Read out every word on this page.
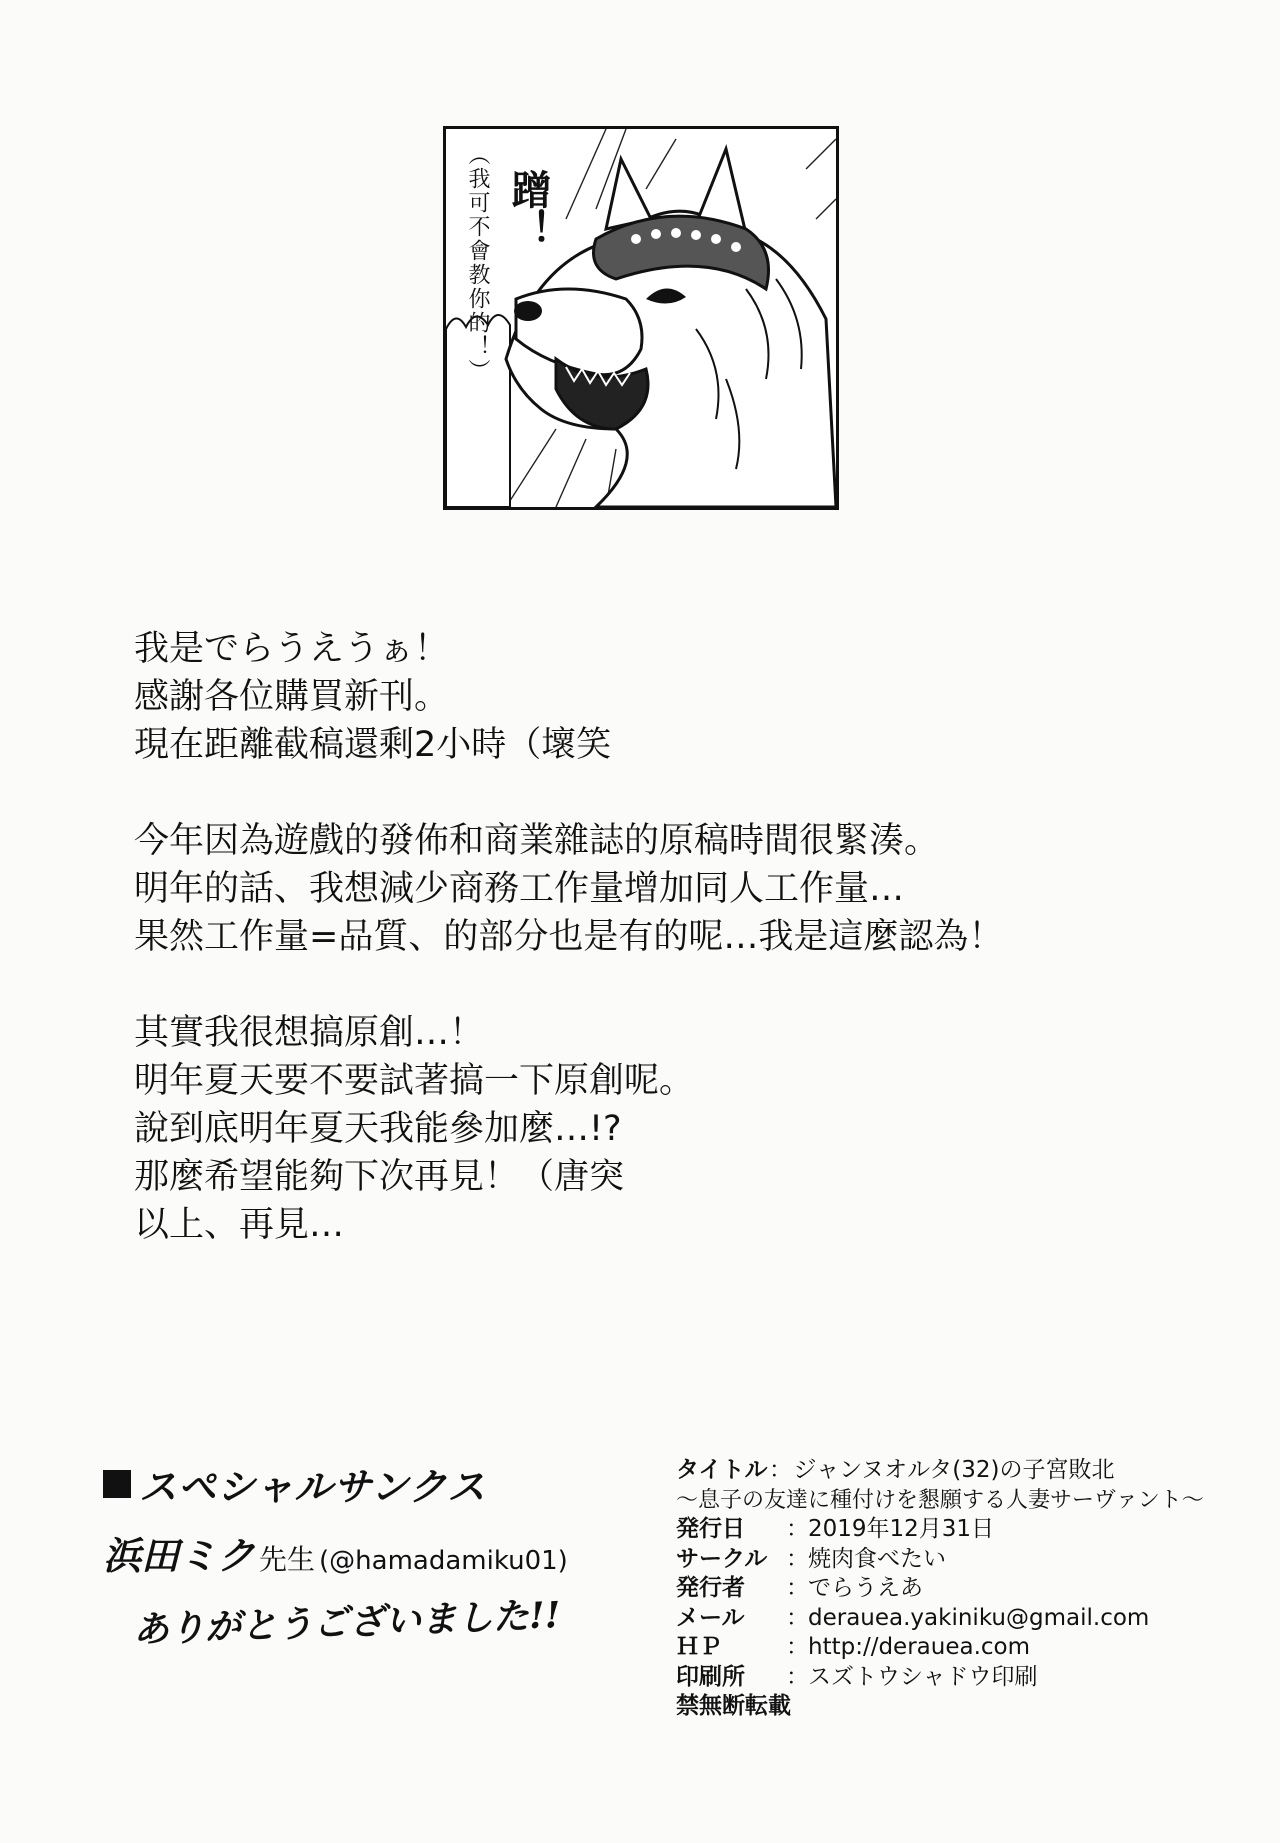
（我可不會教你的！） 蹭！
我是でらうえうぁ！
感謝各位購買新刊。
現在距離截稿還剩2小時（壞笑
今年因為遊戲的發佈和商業雜誌的原稿時間很緊湊。
明年的話、我想減少商務工作量增加同人工作量…
果然工作量=品質、的部分也是有的呢…我是這麼認為！
其實我很想搞原創…！
明年夏天要不要試著搞一下原創呢。
說到底明年夏天我能參加麼…!?
那麼希望能夠下次再見！（唐突
以上、再見…
スペシャルサンクス
浜田ミク 先生 (@hamadamiku01)
ありがとうございました!!
タイトル ： ジャンヌオルタ(32)の子宮敗北
〜息子の友達に種付けを懇願する人妻サーヴァント〜
発行日	： 2019年12月31日
サークル ： 焼肉食べたい
発行者	： でらうえあ
メール	： deraueа.yakiniku@gmail.com
ＨＰ	： http://deraueа.com
印刷所	： スズトウシャドウ印刷
禁無断転載
